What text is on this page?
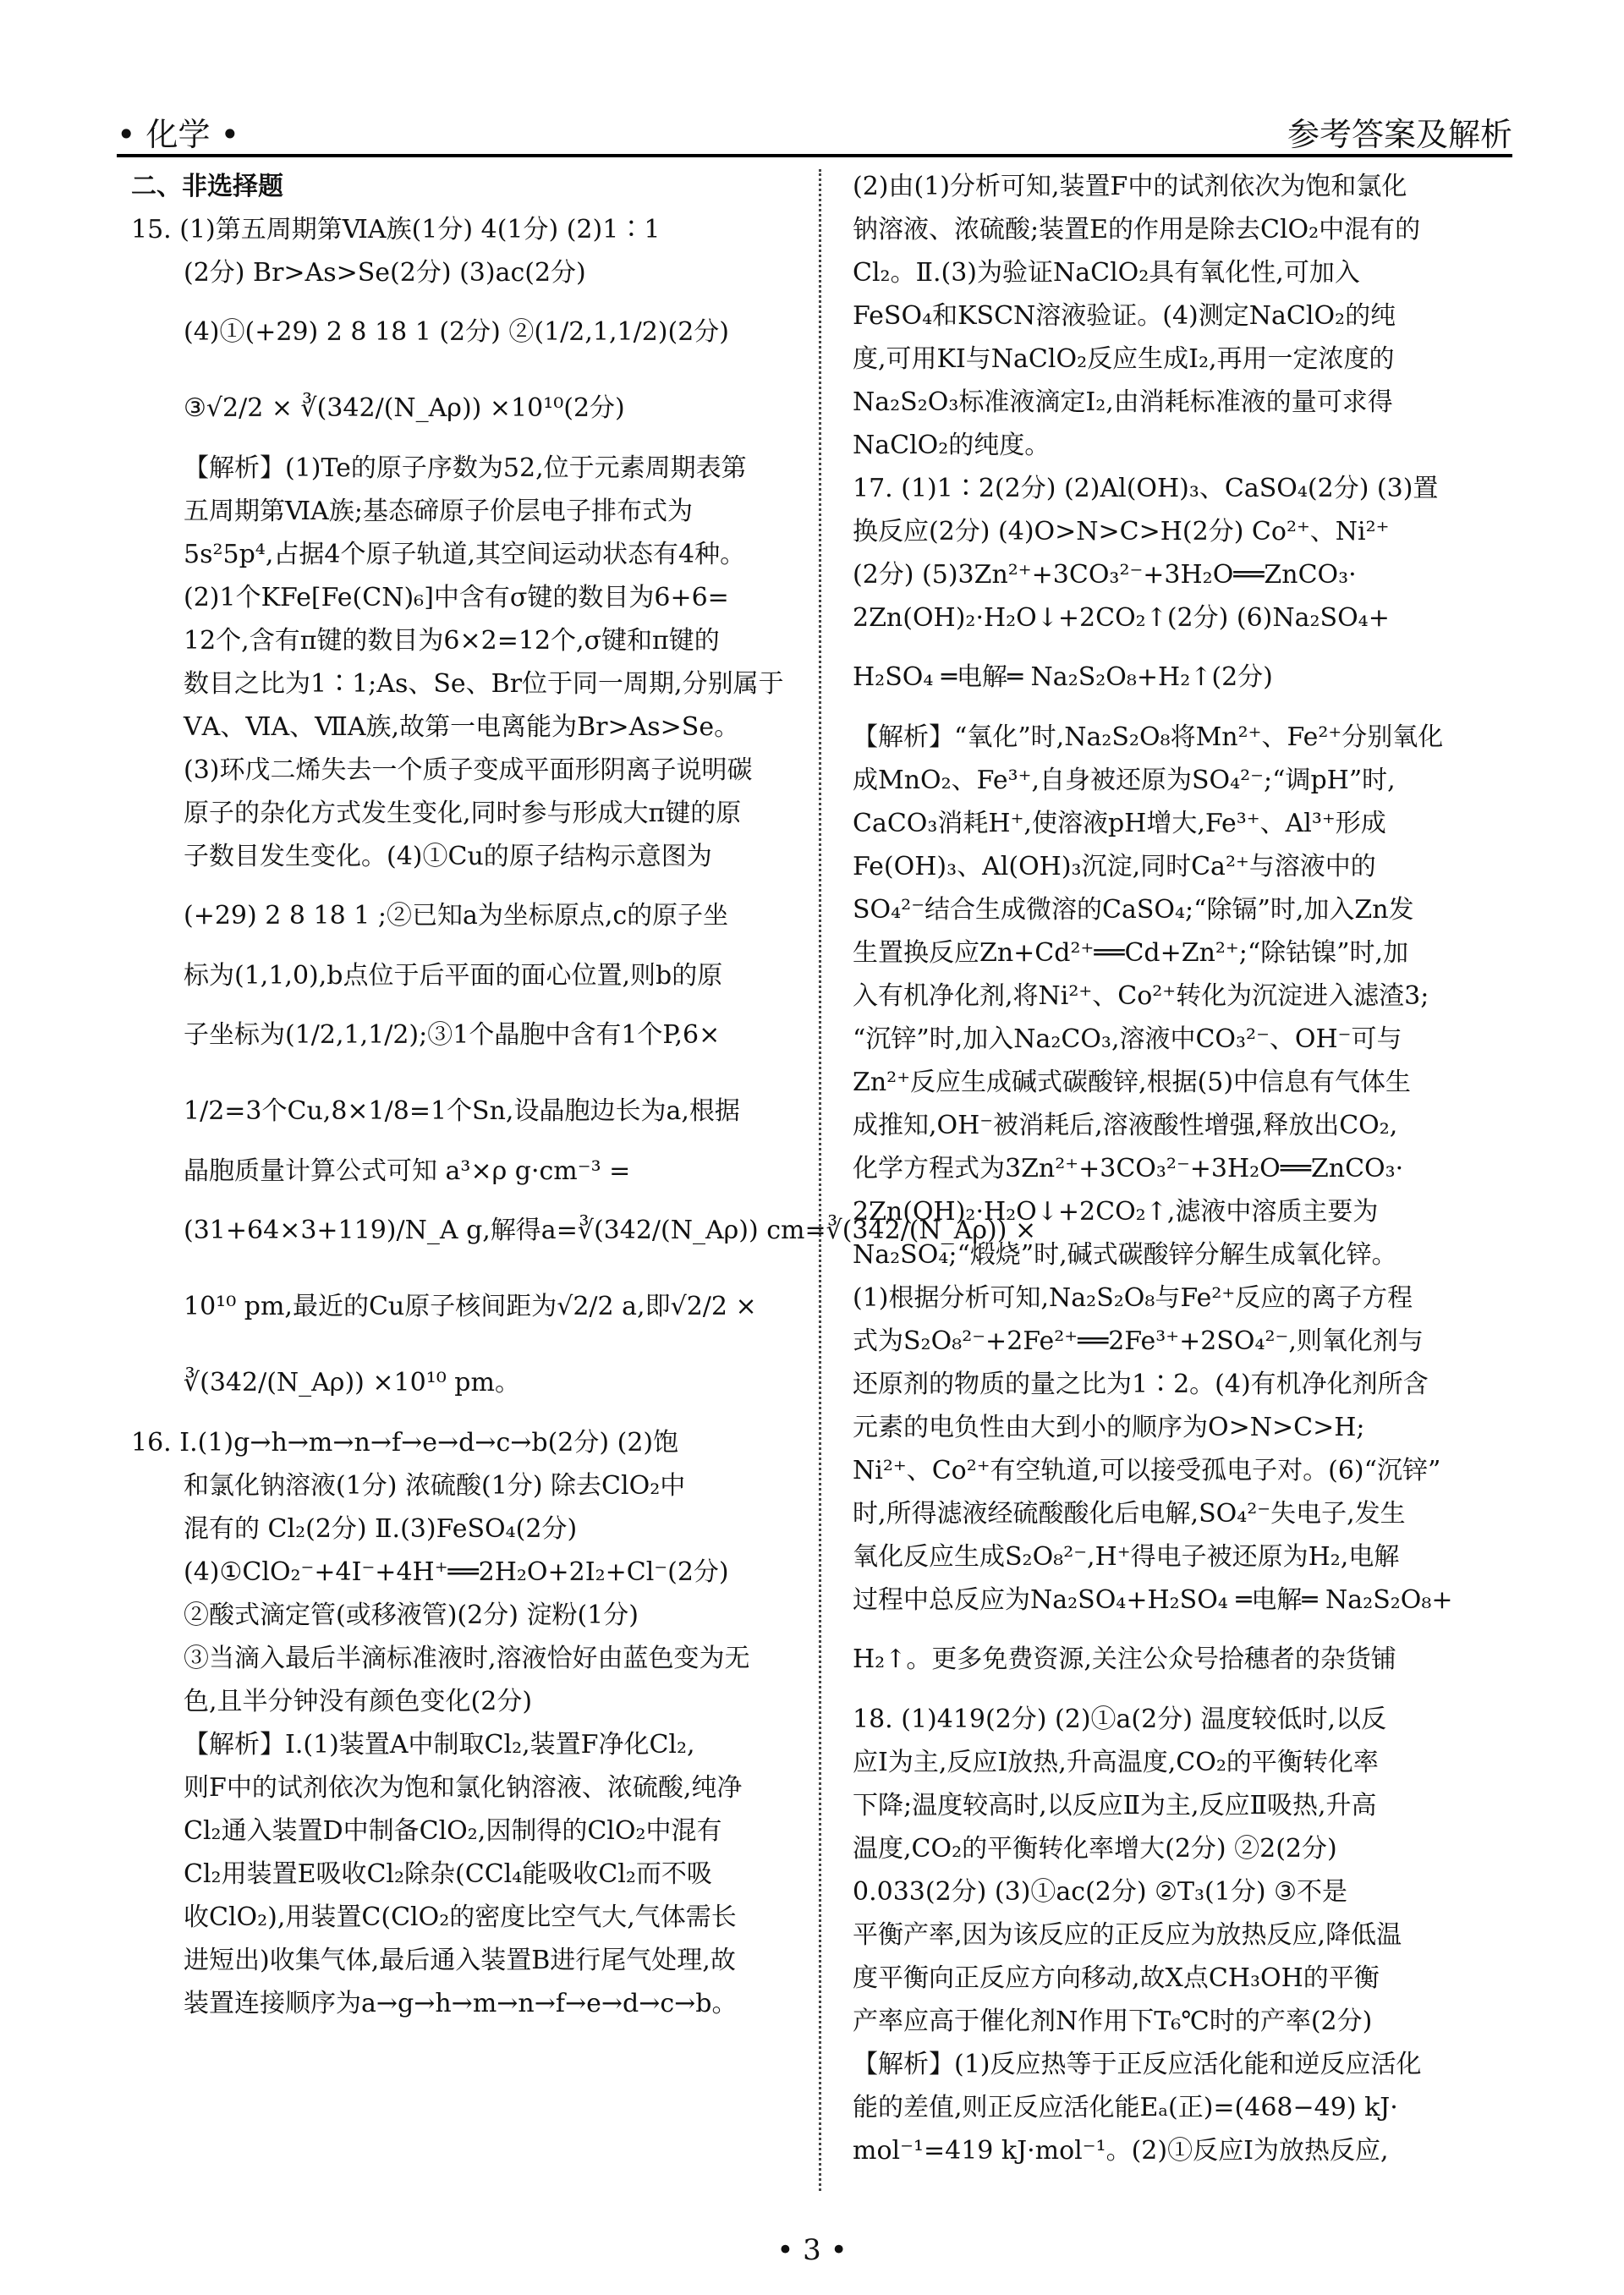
• 化学 •	参考答案及解析
二、非选择题
15. (1)第五周期第ⅥA族(1分) 4(1分) (2)1∶1
(2分) Br>As>Se(2分) (3)ac(2分)
(4)①(+29) 2 8 18 1 (2分) ②(1/2,1,1/2)(2分)
③√2/2 × ∛(342/(N_Aρ)) ×10¹⁰(2分)
【解析】(1)Te的原子序数为52,位于元素周期表第
五周期第ⅥA族;基态碲原子价层电子排布式为
5s²5p⁴,占据4个原子轨道,其空间运动状态有4种。
(2)1个KFe[Fe(CN)₆]中含有σ键的数目为6+6=
12个,含有π键的数目为6×2=12个,σ键和π键的
数目之比为1∶1;As、Se、Br位于同一周期,分别属于
ⅤA、ⅥA、ⅦA族,故第一电离能为Br>As>Se。
(3)环戊二烯失去一个质子变成平面形阴离子说明碳
原子的杂化方式发生变化,同时参与形成大π键的原
子数目发生变化。(4)①Cu的原子结构示意图为
(+29) 2 8 18 1 ;②已知a为坐标原点,c的原子坐
标为(1,1,0),b点位于后平面的面心位置,则b的原
子坐标为(1/2,1,1/2);③1个晶胞中含有1个P,6×
1/2=3个Cu,8×1/8=1个Sn,设晶胞边长为a,根据
晶胞质量计算公式可知 a³×ρ g·cm⁻³ =
(31+64×3+119)/N_A g,解得a=∛(342/(N_Aρ)) cm=∛(342/(N_Aρ)) ×
10¹⁰ pm,最近的Cu原子核间距为√2/2 a,即√2/2 ×
∛(342/(N_Aρ)) ×10¹⁰ pm。
16. Ⅰ.(1)g→h→m→n→f→e→d→c→b(2分) (2)饱
和氯化钠溶液(1分) 浓硫酸(1分) 除去ClO₂中
混有的 Cl₂(2分) Ⅱ.(3)FeSO₄(2分)
(4)①ClO₂⁻+4I⁻+4H⁺══2H₂O+2I₂+Cl⁻(2分)
②酸式滴定管(或移液管)(2分) 淀粉(1分)
③当滴入最后半滴标准液时,溶液恰好由蓝色变为无
色,且半分钟没有颜色变化(2分)
【解析】Ⅰ.(1)装置A中制取Cl₂,装置F净化Cl₂,
则F中的试剂依次为饱和氯化钠溶液、浓硫酸,纯净
Cl₂通入装置D中制备ClO₂,因制得的ClO₂中混有
Cl₂用装置E吸收Cl₂除杂(CCl₄能吸收Cl₂而不吸
收ClO₂),用装置C(ClO₂的密度比空气大,气体需长
进短出)收集气体,最后通入装置B进行尾气处理,故
装置连接顺序为a→g→h→m→n→f→e→d→c→b。
(2)由(1)分析可知,装置F中的试剂依次为饱和氯化
钠溶液、浓硫酸;装置E的作用是除去ClO₂中混有的
Cl₂。Ⅱ.(3)为验证NaClO₂具有氧化性,可加入
FeSO₄和KSCN溶液验证。(4)测定NaClO₂的纯
度,可用KI与NaClO₂反应生成I₂,再用一定浓度的
Na₂S₂O₃标准液滴定I₂,由消耗标准液的量可求得
NaClO₂的纯度。
17. (1)1∶2(2分) (2)Al(OH)₃、CaSO₄(2分) (3)置
换反应(2分) (4)O>N>C>H(2分) Co²⁺、Ni²⁺
(2分) (5)3Zn²⁺+3CO₃²⁻+3H₂O══ZnCO₃·
2Zn(OH)₂·H₂O↓+2CO₂↑(2分) (6)Na₂SO₄+
H₂SO₄ ═电解═ Na₂S₂O₈+H₂↑(2分)
【解析】“氧化”时,Na₂S₂O₈将Mn²⁺、Fe²⁺分别氧化
成MnO₂、Fe³⁺,自身被还原为SO₄²⁻;“调pH”时,
CaCO₃消耗H⁺,使溶液pH增大,Fe³⁺、Al³⁺形成
Fe(OH)₃、Al(OH)₃沉淀,同时Ca²⁺与溶液中的
SO₄²⁻结合生成微溶的CaSO₄;“除镉”时,加入Zn发
生置换反应Zn+Cd²⁺══Cd+Zn²⁺;“除钴镍”时,加
入有机净化剂,将Ni²⁺、Co²⁺转化为沉淀进入滤渣3;
“沉锌”时,加入Na₂CO₃,溶液中CO₃²⁻、OH⁻可与
Zn²⁺反应生成碱式碳酸锌,根据(5)中信息有气体生
成推知,OH⁻被消耗后,溶液酸性增强,释放出CO₂,
化学方程式为3Zn²⁺+3CO₃²⁻+3H₂O══ZnCO₃·
2Zn(OH)₂·H₂O↓+2CO₂↑,滤液中溶质主要为
Na₂SO₄;“煅烧”时,碱式碳酸锌分解生成氧化锌。
(1)根据分析可知,Na₂S₂O₈与Fe²⁺反应的离子方程
式为S₂O₈²⁻+2Fe²⁺══2Fe³⁺+2SO₄²⁻,则氧化剂与
还原剂的物质的量之比为1∶2。(4)有机净化剂所含
元素的电负性由大到小的顺序为O>N>C>H;
Ni²⁺、Co²⁺有空轨道,可以接受孤电子对。(6)“沉锌”
时,所得滤液经硫酸酸化后电解,SO₄²⁻失电子,发生
氧化反应生成S₂O₈²⁻,H⁺得电子被还原为H₂,电解
过程中总反应为Na₂SO₄+H₂SO₄ ═电解═ Na₂S₂O₈+
H₂↑。更多免费资源,关注公众号拾穗者的杂货铺
18. (1)419(2分) (2)①a(2分) 温度较低时,以反
应Ⅰ为主,反应Ⅰ放热,升高温度,CO₂的平衡转化率
下降;温度较高时,以反应Ⅱ为主,反应Ⅱ吸热,升高
温度,CO₂的平衡转化率增大(2分) ②2(2分)
0.033(2分) (3)①ac(2分) ②T₃(1分) ③不是
平衡产率,因为该反应的正反应为放热反应,降低温
度平衡向正反应方向移动,故X点CH₃OH的平衡
产率应高于催化剂N作用下T₆℃时的产率(2分)
【解析】(1)反应热等于正反应活化能和逆反应活化
能的差值,则正反应活化能Eₐ(正)=(468−49) kJ·
mol⁻¹=419 kJ·mol⁻¹。(2)①反应Ⅰ为放热反应,
• 3 •
